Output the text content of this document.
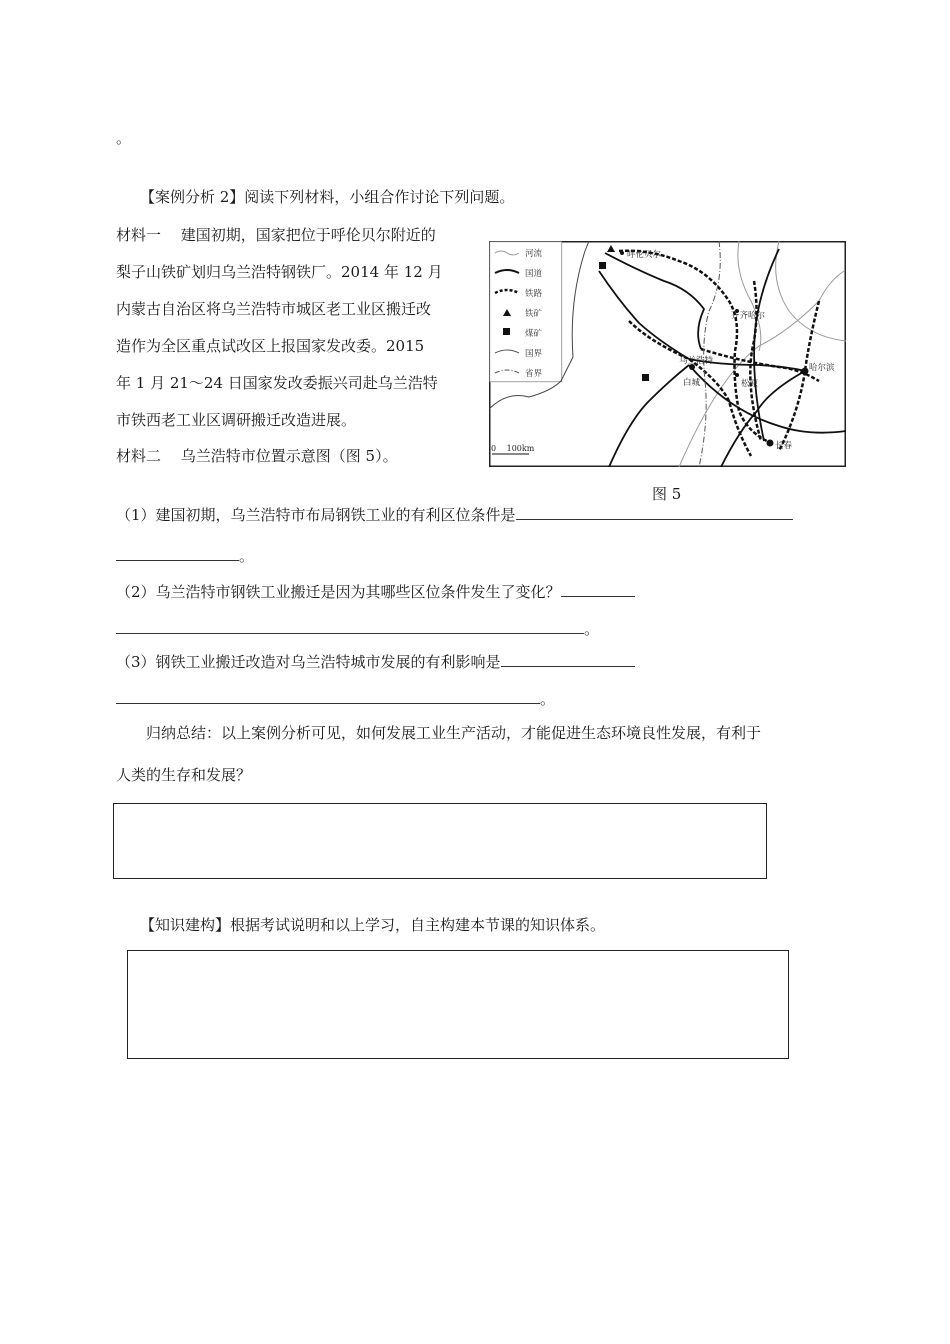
。
【案例分析 2】阅读下列材料，小组合作讨论下列问题。
材料一　 建国初期，国家把位于呼伦贝尔附近的
梨子山铁矿划归乌兰浩特钢铁厂。2014 年 12 月
内蒙古自治区将乌兰浩特市城区老工业区搬迁改
造作为全区重点试改区上报国家发改委。2015
年 1 月 21～24 日国家发改委振兴司赴乌兰浩特
市铁西老工业区调研搬迁改造进展。
材料二　 乌兰浩特市位置示意图（图 5）。
河流
国道
铁路
铁矿
煤矿
国界
省界
呼伦贝尔
齐齐哈尔
乌兰浩特
白城	松原
哈尔滨
长春
0　 100km
图 5
（1）建国初期，乌兰浩特市布局钢铁工业的有利区位条件是
。
（2）乌兰浩特市钢铁工业搬迁是因为其哪些区位条件发生了变化？
。
（3）钢铁工业搬迁改造对乌兰浩特城市发展的有利影响是
。
归纳总结：以上案例分析可见，如何发展工业生产活动，才能促进生态环境良性发展，有利于
人类的生存和发展？
【知识建构】根据考试说明和以上学习，自主构建本节课的知识体系。
